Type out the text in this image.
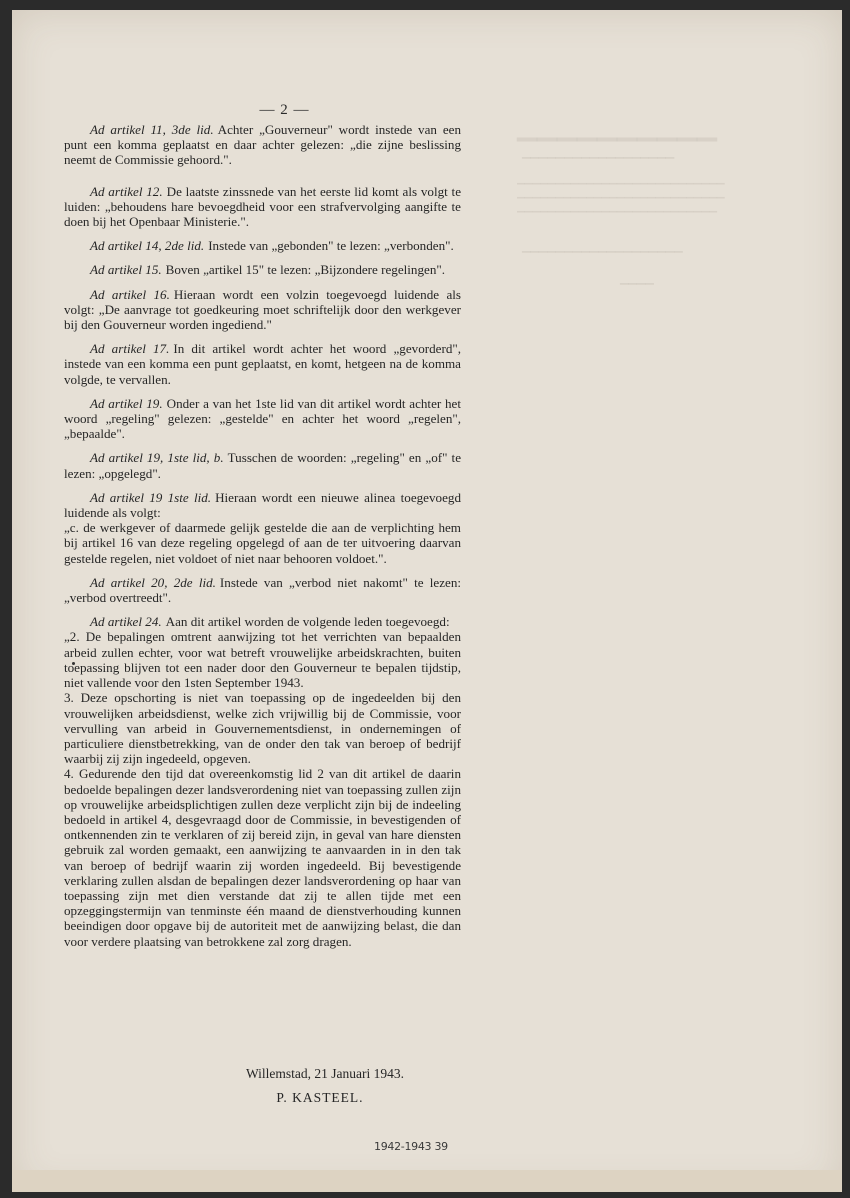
▁▁▁▁▁▁▁▁▁▁
▁▁▁▁▁▁▁▁▁▁▁▁▁▁▁▁▁▁
▁▁▁▁▁▁▁▁▁▁▁▁▁▁▁▁▁▁▁▁▁▁▁▁▁▁▁
▁▁▁▁▁▁▁▁▁▁▁▁▁▁▁▁▁▁▁▁▁▁▁▁▁▁▁
▁▁▁▁▁▁▁▁▁▁▁▁▁▁▁▁▁▁▁▁▁▁▁▁▁▁
▁▁▁▁▁▁▁▁▁▁▁▁▁▁▁▁▁▁▁
▁▁▁▁
— 2 —

Ad artikel 11, 3de lid. Achter „Gouverneur" wordt instede van een punt een komma geplaatst en daar achter gelezen: „die zijne beslissing neemt de Commissie gehoord.".

Ad artikel 12. De laatste zinssnede van het eerste lid komt als volgt te luiden: „behoudens hare bevoegdheid voor een strafvervolging aangifte te doen bij het Openbaar Ministerie.".

Ad artikel 14, 2de lid. Instede van „gebonden" te lezen: „verbonden".

Ad artikel 15. Boven „artikel 15" te lezen: „Bijzondere regelingen".

Ad artikel 16. Hieraan wordt een volzin toegevoegd luidende als volgt: „De aanvrage tot goedkeuring moet schriftelijk door den werkgever bij den Gouverneur worden ingediend."

Ad artikel 17. In dit artikel wordt achter het woord „gevorderd", instede van een komma een punt geplaatst, en komt, hetgeen na de komma volgde, te vervallen.

Ad artikel 19. Onder a van het 1ste lid van dit artikel wordt achter het woord „regeling" gelezen: „gestelde" en achter het woord „regelen", „bepaalde".

Ad artikel 19, 1ste lid, b. Tusschen de woorden: „regeling" en „of" te lezen: „opgelegd".

Ad artikel 19 1ste lid. Hieraan wordt een nieuwe alinea toegevoegd luidende als volgt:

„c. de werkgever of daarmede gelijk gestelde die aan de verplichting hem bij artikel 16 van deze regeling opgelegd of aan de ter uitvoering daarvan gestelde regelen, niet voldoet of niet naar behooren voldoet.".

Ad artikel 20, 2de lid. Instede van „verbod niet nakomt" te lezen: „verbod overtreedt".

Ad artikel 24. Aan dit artikel worden de volgende leden toegevoegd:

„2. De bepalingen omtrent aanwijzing tot het verrichten van bepaalden arbeid zullen echter, voor wat betreft vrouwelijke arbeidskrachten, buiten toepassing blijven tot een nader door den Gouverneur te bepalen tijdstip, niet vallende voor den 1sten September 1943.
3. Deze opschorting is niet van toepassing op de ingedeelden bij den vrouwelijken arbeidsdienst, welke zich vrijwillig bij de Commissie, voor vervulling van arbeid in Gouvernementsdienst, in ondernemingen of particuliere dienstbetrekking, van de onder den tak van beroep of bedrijf waarbij zij zijn ingedeeld, opgeven.
4. Gedurende den tijd dat overeenkomstig lid 2 van dit artikel de daarin bedoelde bepalingen dezer landsverordening niet van toepassing zullen zijn op vrouwelijke arbeidsplichtigen zullen deze verplicht zijn bij de indeeling bedoeld in artikel 4, desgevraagd door de Commissie, in bevestigenden of ontkennenden zin te verklaren of zij bereid zijn, in geval van hare diensten gebruik zal worden gemaakt, een aanwijzing te aanvaarden in in den tak van beroep of bedrijf waarin zij worden ingedeeld. Bij bevestigende verklaring zullen alsdan de bepalingen dezer landsverordening op haar van toepassing zijn met dien verstande dat zij te allen tijde met een opzeggingstermijn van tenminste één maand de dienstverhouding kunnen beeindigen door opgave bij de autoriteit met de aanwijzing belast, die dan voor verdere plaatsing van betrokkene zal zorg dragen.
Willemstad, 21 Januari 1943.
P. KASTEEL.
1942-1943 39
